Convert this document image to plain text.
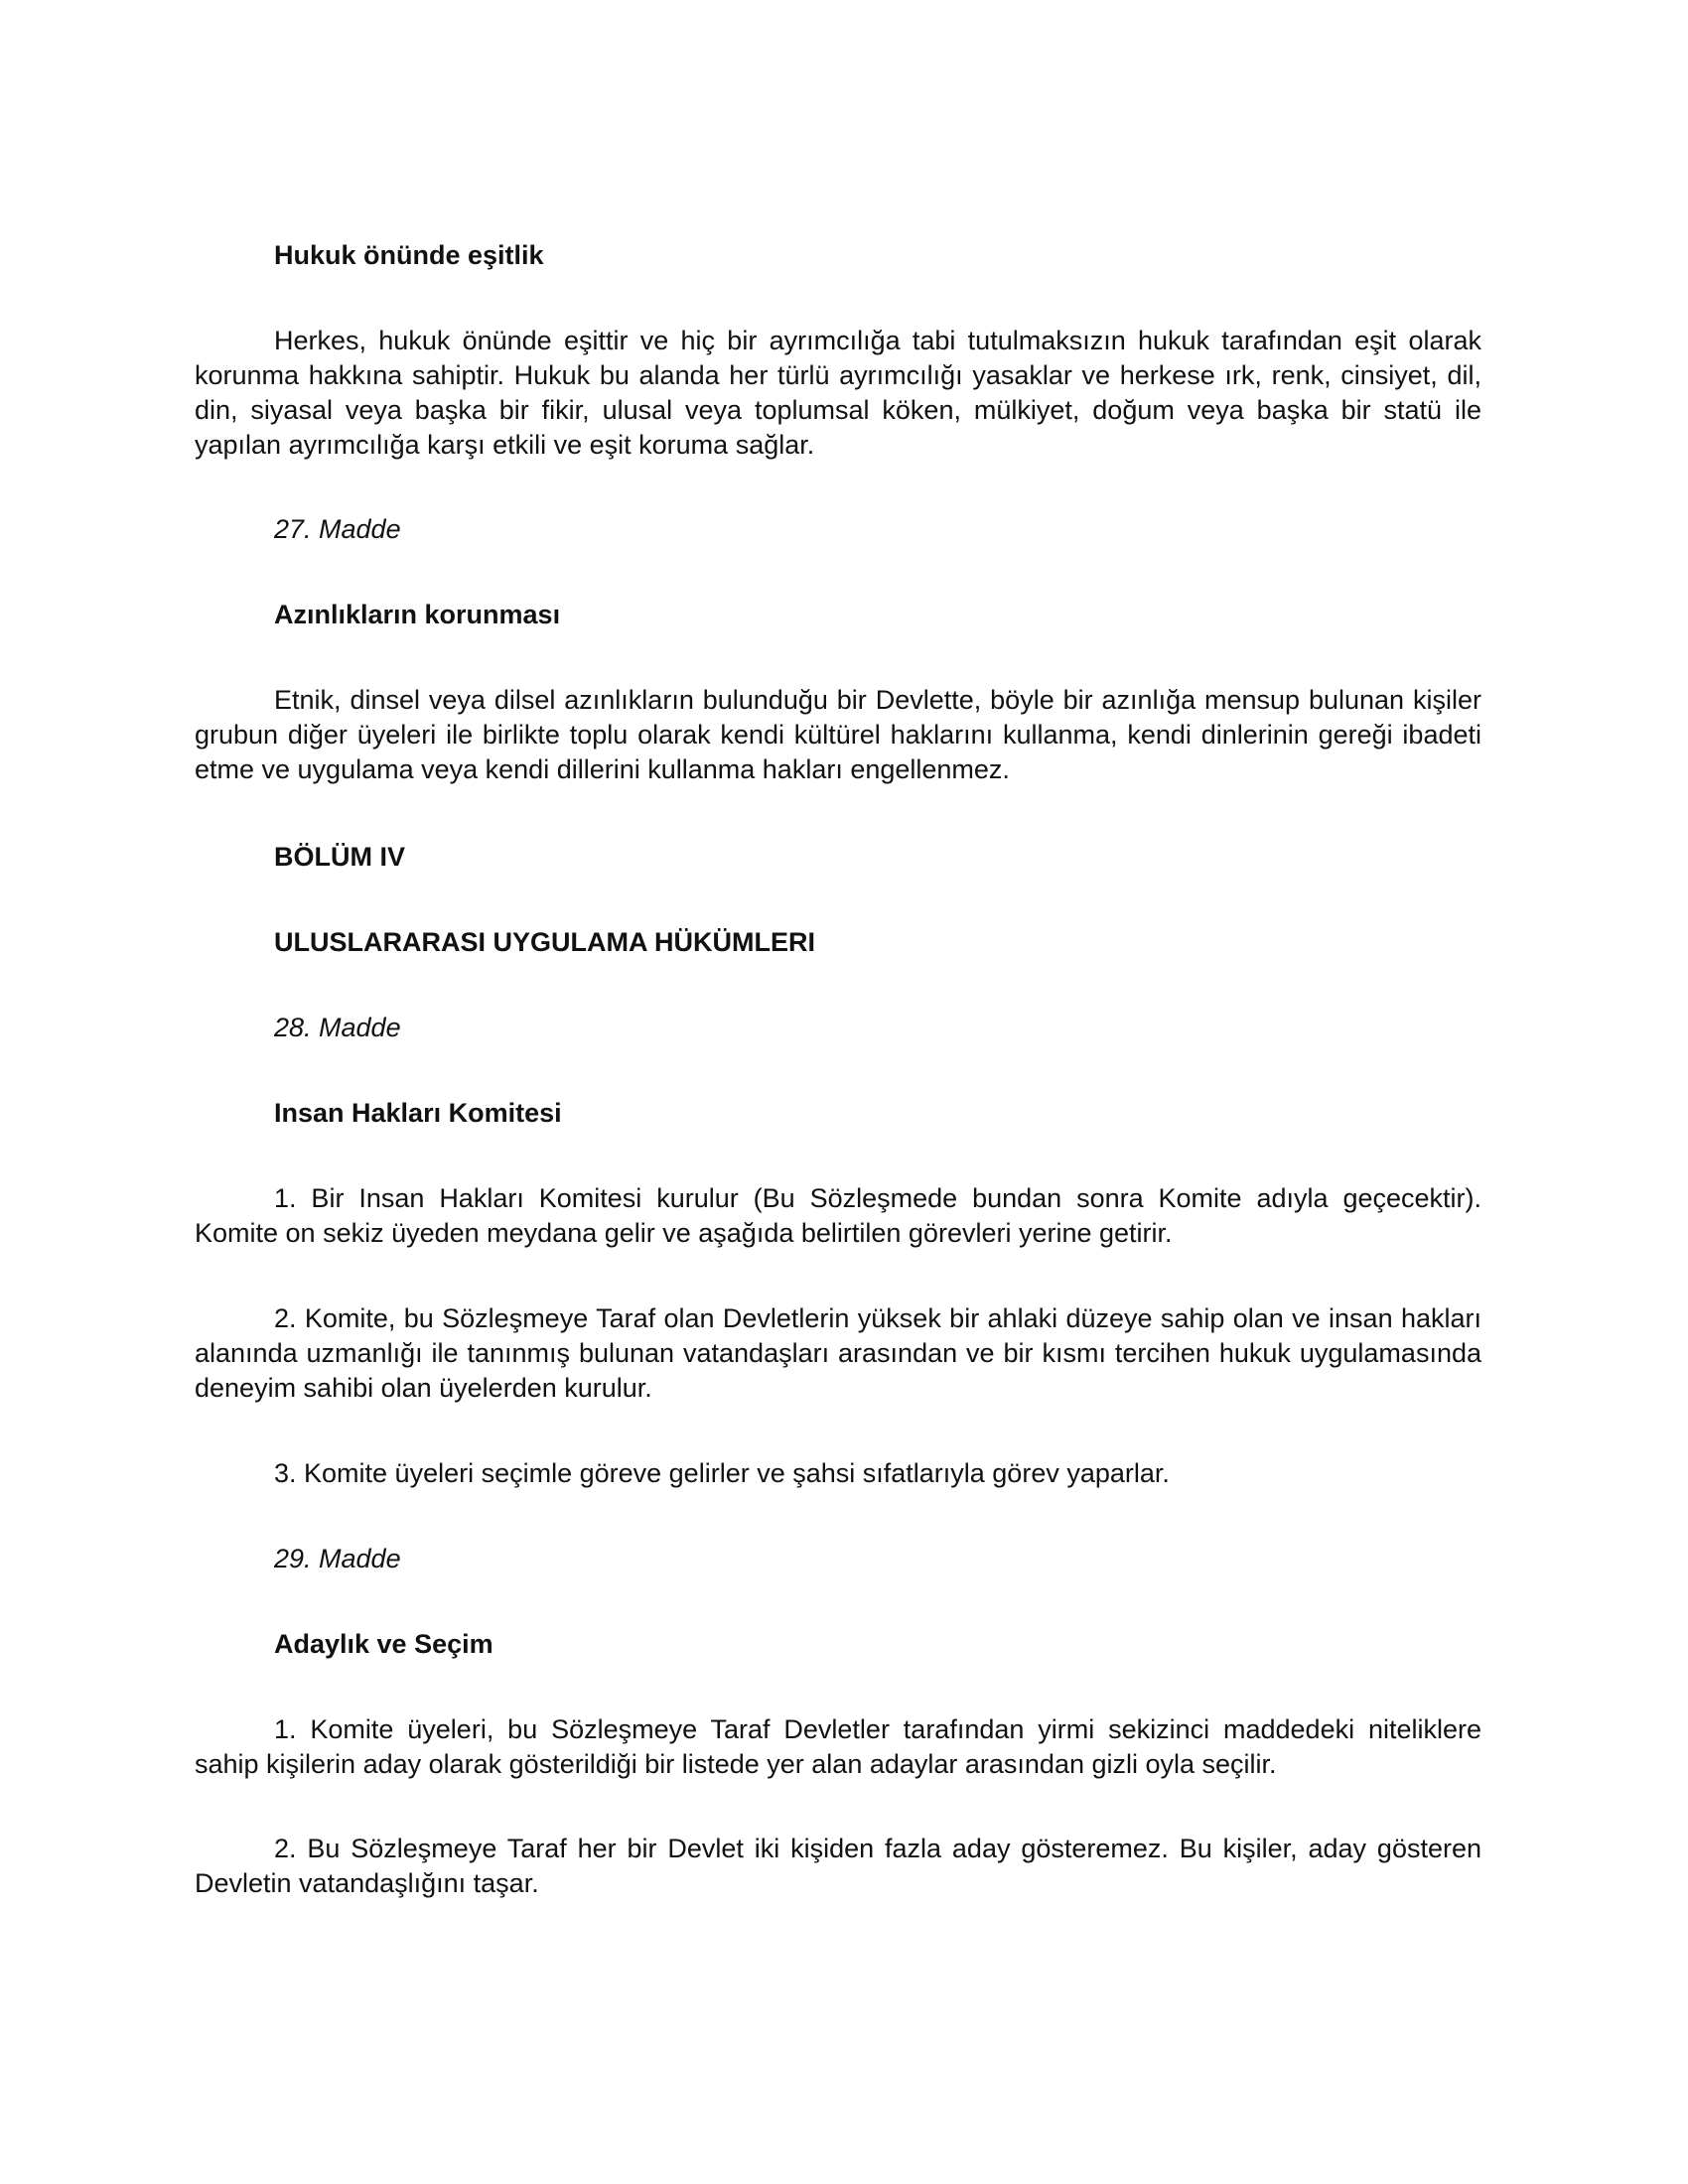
Hukuk önünde eşitlik
Herkes, hukuk önünde eşittir ve hiç bir ayrımcılığa tabi tutulmaksızın hukuk tarafından eşit olarak korunma hakkına sahiptir. Hukuk bu alanda her türlü ayrımcılığı yasaklar ve herkese ırk, renk, cinsiyet, dil, din, siyasal veya başka bir fikir, ulusal veya toplumsal köken, mülkiyet, doğum veya başka bir statü ile yapılan ayrımcılığa karşı etkili ve eşit koruma sağlar.
27. Madde
Azınlıkların korunması
Etnik, dinsel veya dilsel azınlıkların bulunduğu bir Devlette, böyle bir azınlığa mensup bulunan kişiler grubun diğer üyeleri ile birlikte toplu olarak kendi kültürel haklarını kullanma, kendi dinlerinin gereği ibadeti etme ve uygulama veya kendi dillerini kullanma hakları engellenmez.
BÖLÜM IV
ULUSLARARASI UYGULAMA HÜKÜMLERI
28. Madde
Insan Hakları Komitesi
1. Bir Insan Hakları Komitesi kurulur (Bu Sözleşmede bundan sonra Komite adıyla geçecektir). Komite on sekiz üyeden meydana gelir ve aşağıda belirtilen görevleri yerine getirir.
2. Komite, bu Sözleşmeye Taraf olan Devletlerin yüksek bir ahlaki düzeye sahip olan ve insan hakları alanında uzmanlığı ile tanınmış bulunan vatandaşları arasından ve bir kısmı tercihen hukuk uygulamasında deneyim sahibi olan üyelerden kurulur.
3. Komite üyeleri seçimle göreve gelirler ve şahsi sıfatlarıyla görev yaparlar.
29. Madde
Adaylık ve Seçim
1. Komite üyeleri, bu Sözleşmeye Taraf Devletler tarafından yirmi sekizinci maddedeki niteliklere sahip kişilerin aday olarak gösterildiği bir listede yer alan adaylar arasından gizli oyla seçilir.
2. Bu Sözleşmeye Taraf her bir Devlet iki kişiden fazla aday gösteremez. Bu kişiler, aday gösteren Devletin vatandaşlığını taşar.
